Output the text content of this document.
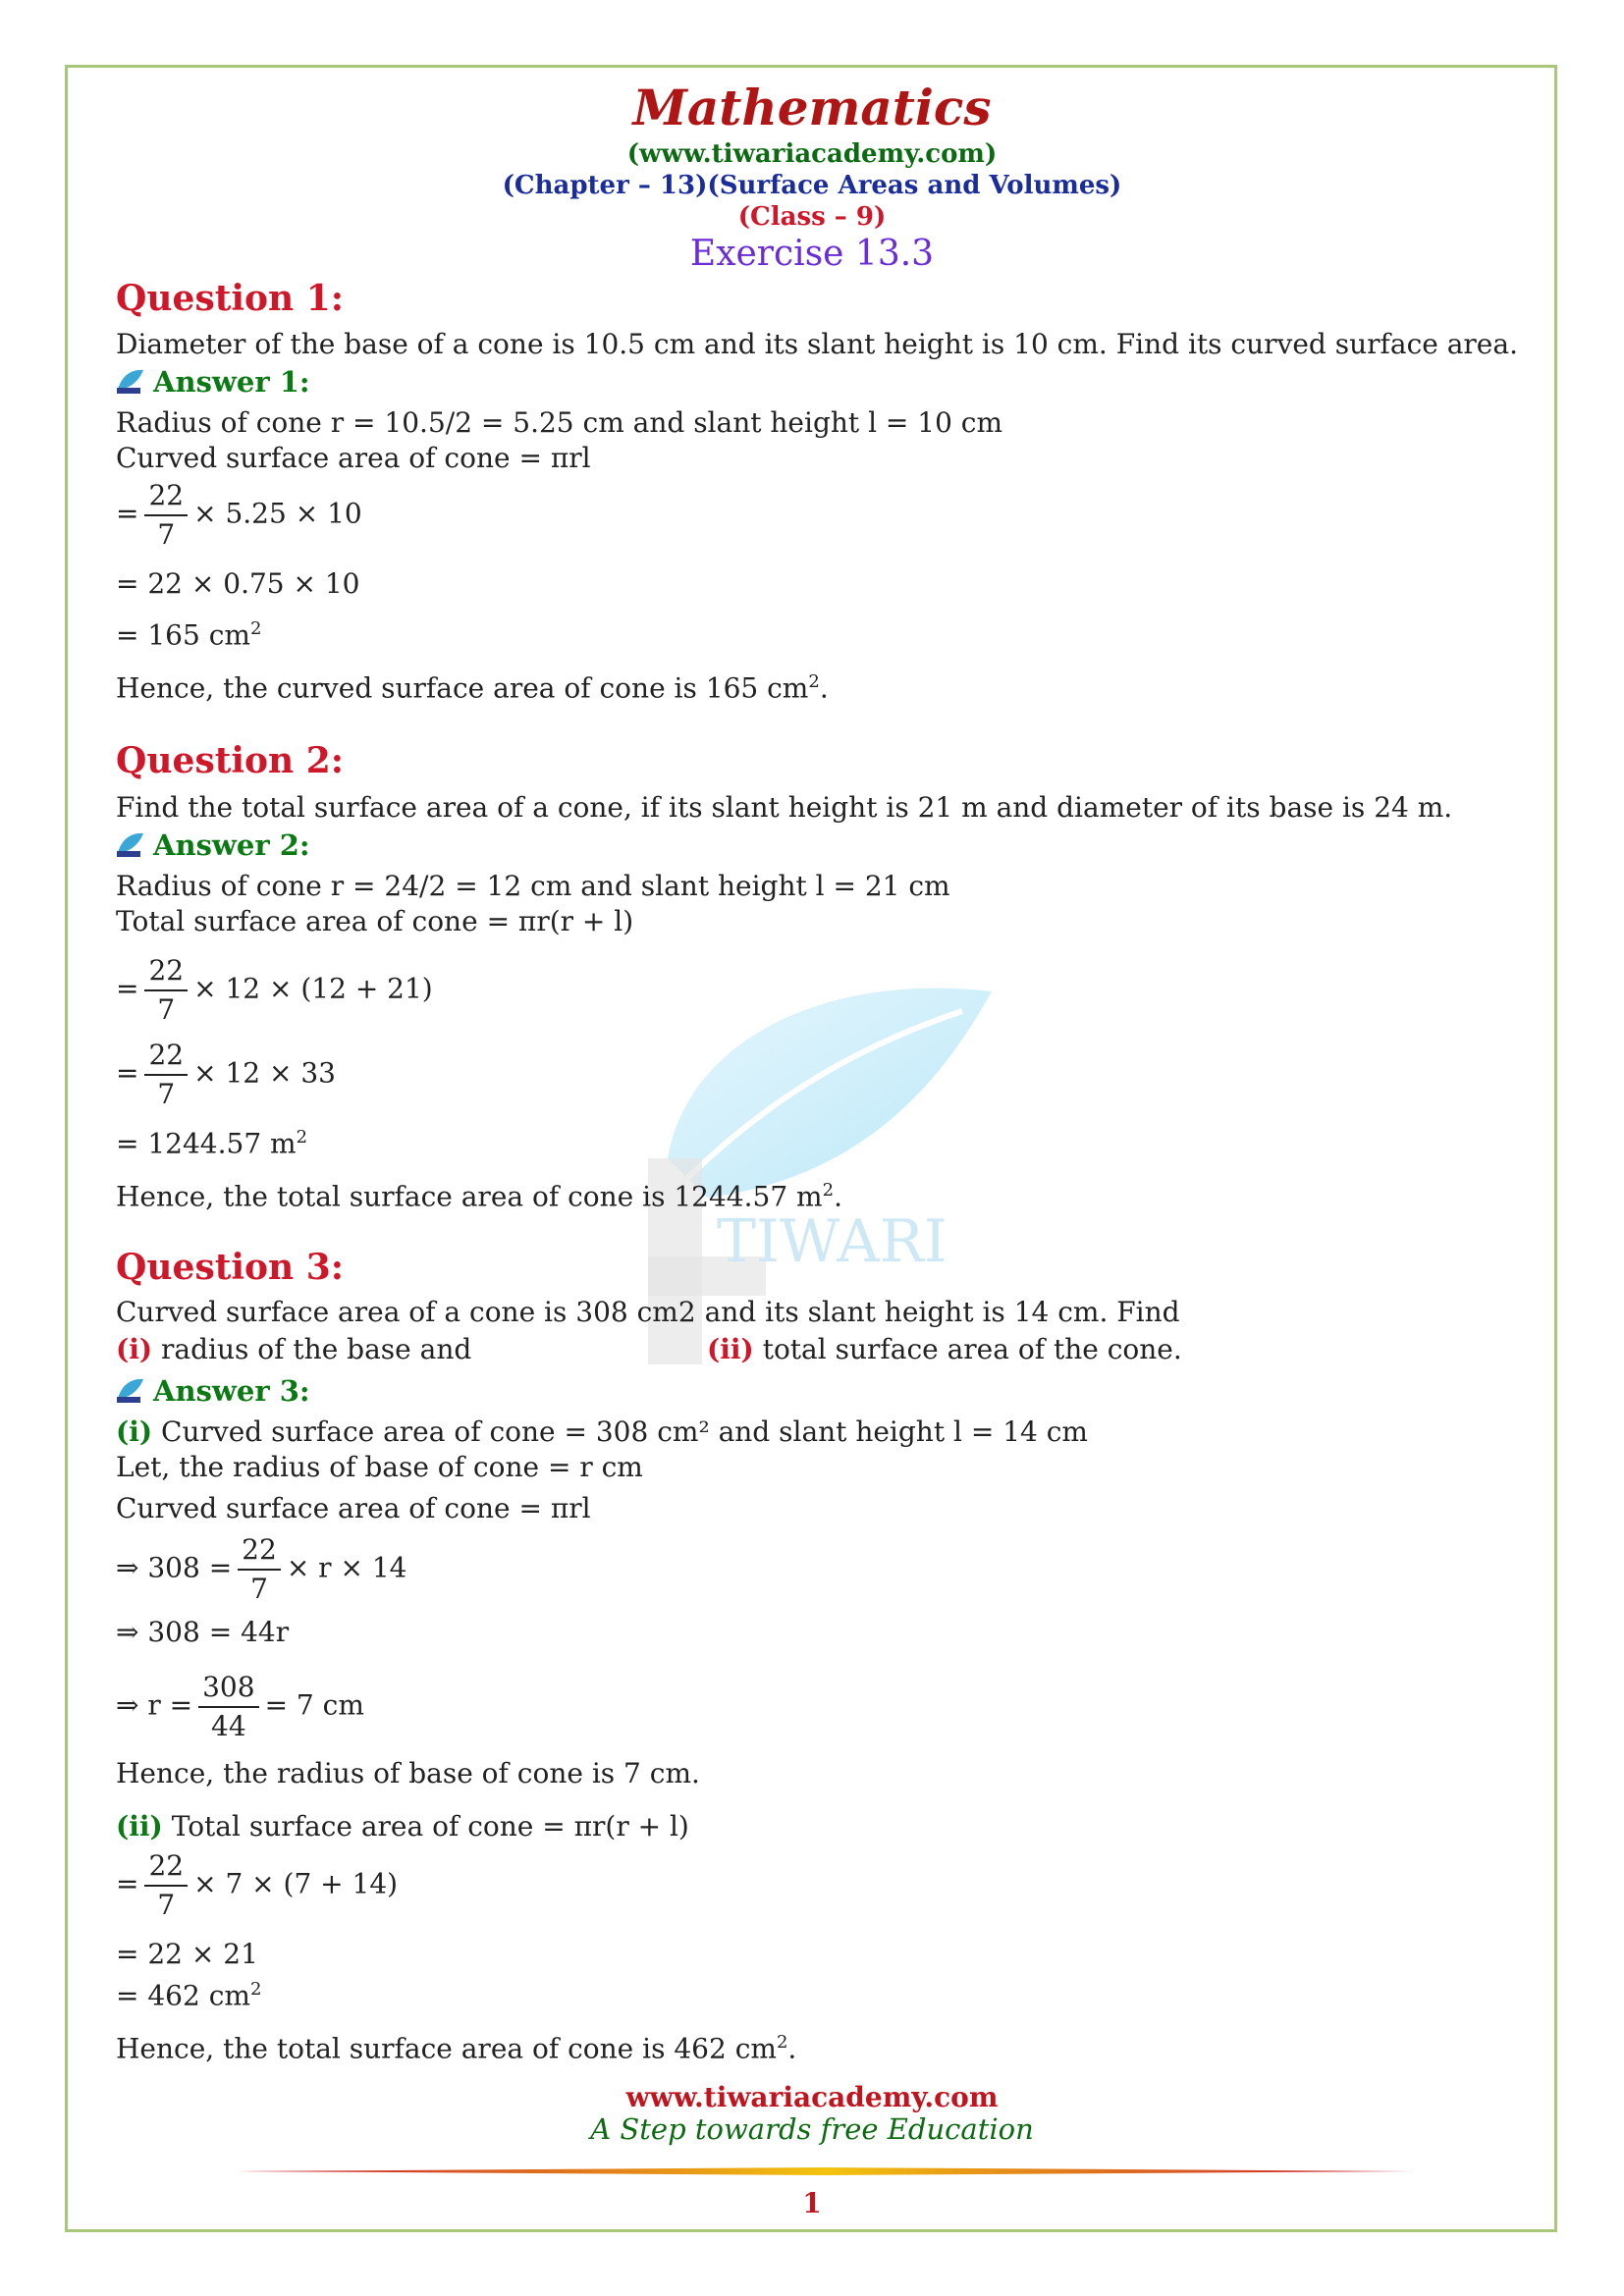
Mathematics
(www.tiwariacademy.com)
(Chapter – 13)(Surface Areas and Volumes)
(Class – 9)
Exercise 13.3
TIWARI
Question 1:
Diameter of the base of a cone is 10.5 cm and its slant height is 10 cm. Find its curved surface area.
Answer 1:
Radius of cone r = 10.5/2 = 5.25 cm and slant height l = 10 cm
Curved surface area of cone = πrl
= $\frac{22}{7} \times 5.25 \times 10$
= 22 × 0.75 × 10
= 165 $cm^2$
Hence, the curved surface area of cone is 165 $cm^2$.
Question 2:
Find the total surface area of a cone, if its slant height is 21 m and diameter of its base is 24 m.
Answer 2:
Radius of cone r = 24/2 = 12 cm and slant height l = 21 cm
Total surface area of cone = πr(r + l)
= $\frac{22}{7} \times 12 \times (12 + 21)$
= $\frac{22}{7} \times 12 \times 33$
= 1244.57 $m^2$
Hence, the total surface area of cone is 1244.57 $m^2$.
Question 3:
Curved surface area of a cone is 308 cm2 and its slant height is 14 cm. Find
(i) radius of the base and	(ii) total surface area of the cone.
Answer 3:
(i) Curved surface area of cone = 308 cm² and slant height l = 14 cm
Let, the radius of base of cone = r cm
Curved surface area of cone = πrl
⇒ $308 = \frac{22}{7} \times r \times 14$
⇒ 308 = 44r
⇒ $r = \frac{308}{44} = 7$ cm
Hence, the radius of base of cone is 7 cm.
(ii) Total surface area of cone = πr(r + l)
= $\frac{22}{7} \times 7 \times (7 + 14)$
= 22 × 21
= 462 $cm^2$
Hence, the total surface area of cone is 462 $cm^2$.
www.tiwariacademy.com
A Step towards free Education
1
